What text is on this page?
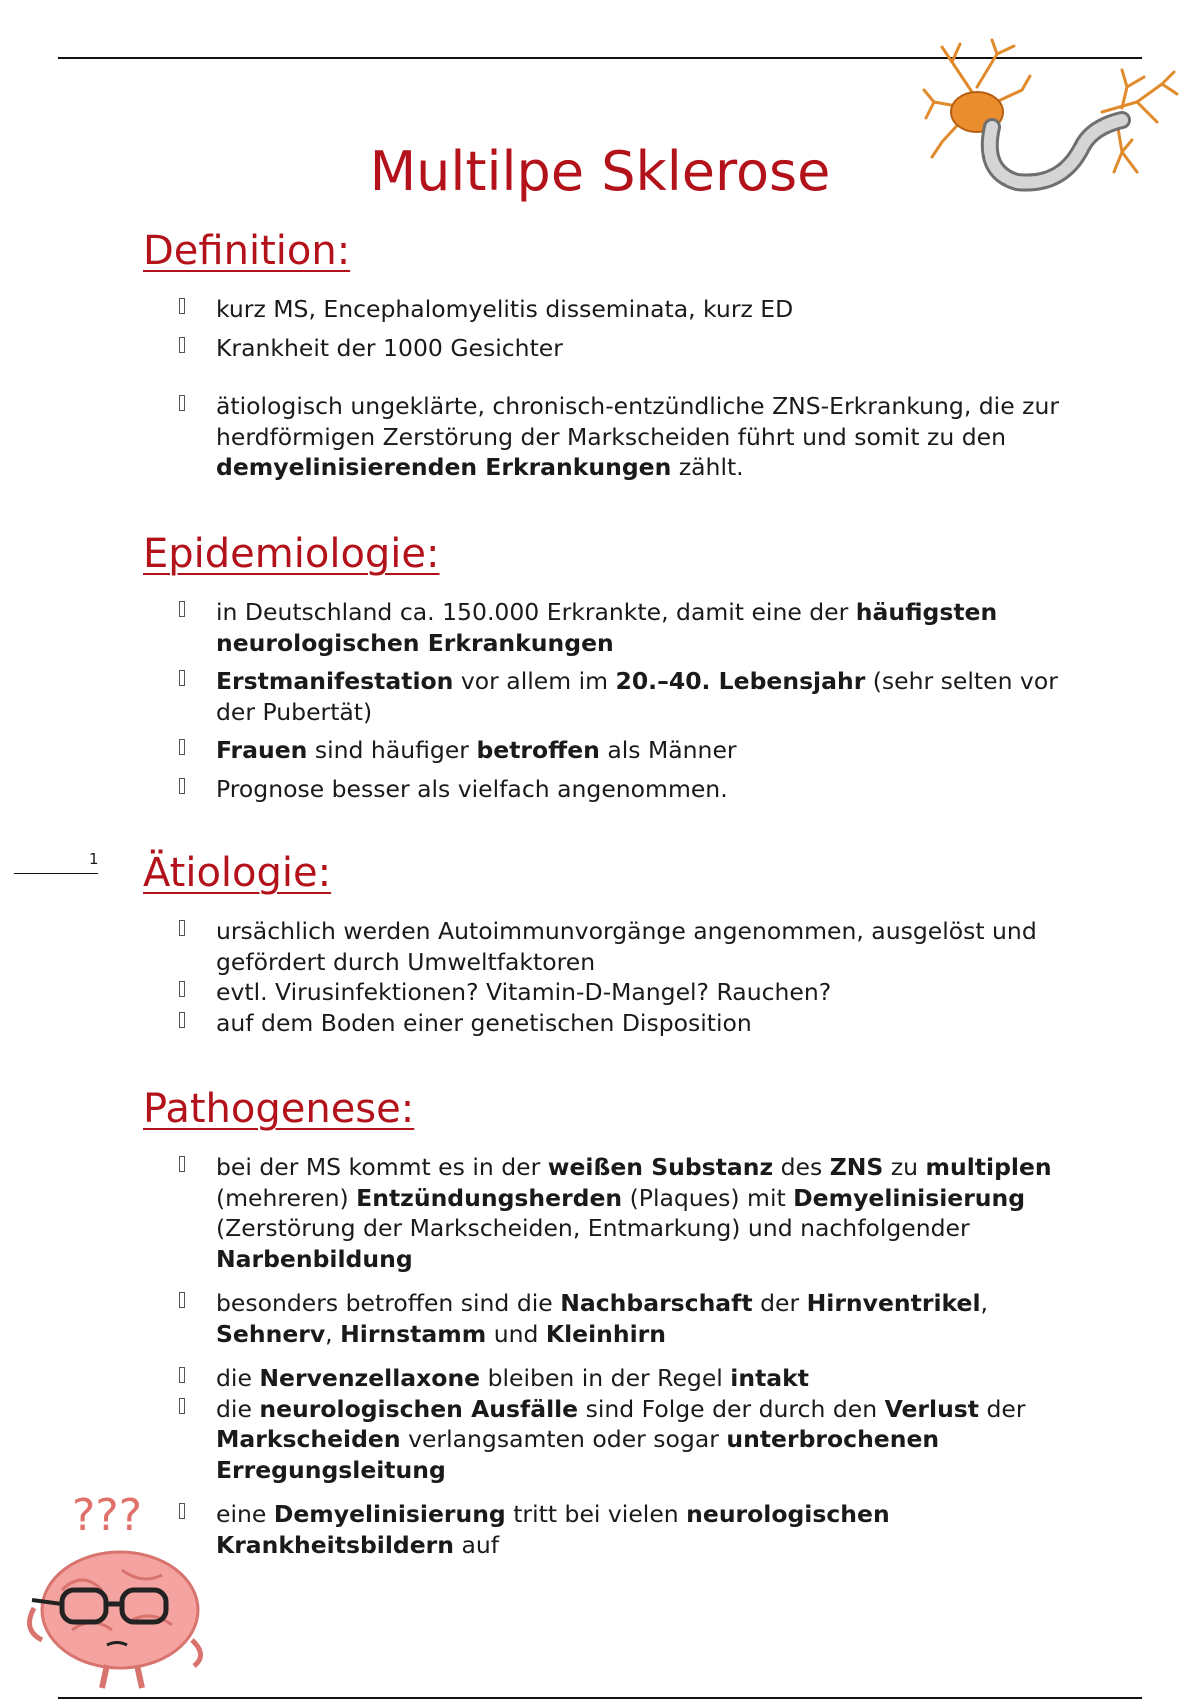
1
Multilpe Sklerose
Definition:
kurz MS, Encephalomyelitis disseminata, kurz ED
Krankheit der 1000 Gesichter
ätiologisch ungeklärte, chronisch-entzündliche ZNS-Erkrankung, die zur herdförmigen Zerstörung der Markscheiden führt und somit zu den demyelinisierenden Erkrankungen zählt.
Epidemiologie:
in Deutschland ca. 150.000 Erkrankte, damit eine der häufigsten neurologischen Erkrankungen
Erstmanifestation vor allem im 20.–40. Lebensjahr (sehr selten vor der Pubertät)
Frauen sind häufiger betroffen als Männer
Prognose besser als vielfach angenommen.
Ätiologie:
ursächlich werden Autoimmunvorgänge angenommen, ausgelöst und gefördert durch Umweltfaktoren
evtl. Virusinfektionen? Vitamin-D-Mangel? Rauchen?
auf dem Boden einer genetischen Disposition
Pathogenese:
bei der MS kommt es in der weißen Substanz des ZNS zu multiplen (mehreren) Entzündungsherden (Plaques) mit Demyelinisierung (Zerstörung der Markscheiden, Entmarkung) und nachfolgender Narbenbildung
besonders betroffen sind die Nachbarschaft der Hirnventrikel, Sehnerv, Hirnstamm und Kleinhirn
die Nervenzellaxone bleiben in der Regel intakt
die neurologischen Ausfälle sind Folge der durch den Verlust der Markscheiden verlangsamten oder sogar unterbrochenen Erregungsleitung
eine Demyelinisierung tritt bei vielen neurologischen Krankheitsbildern auf
???
